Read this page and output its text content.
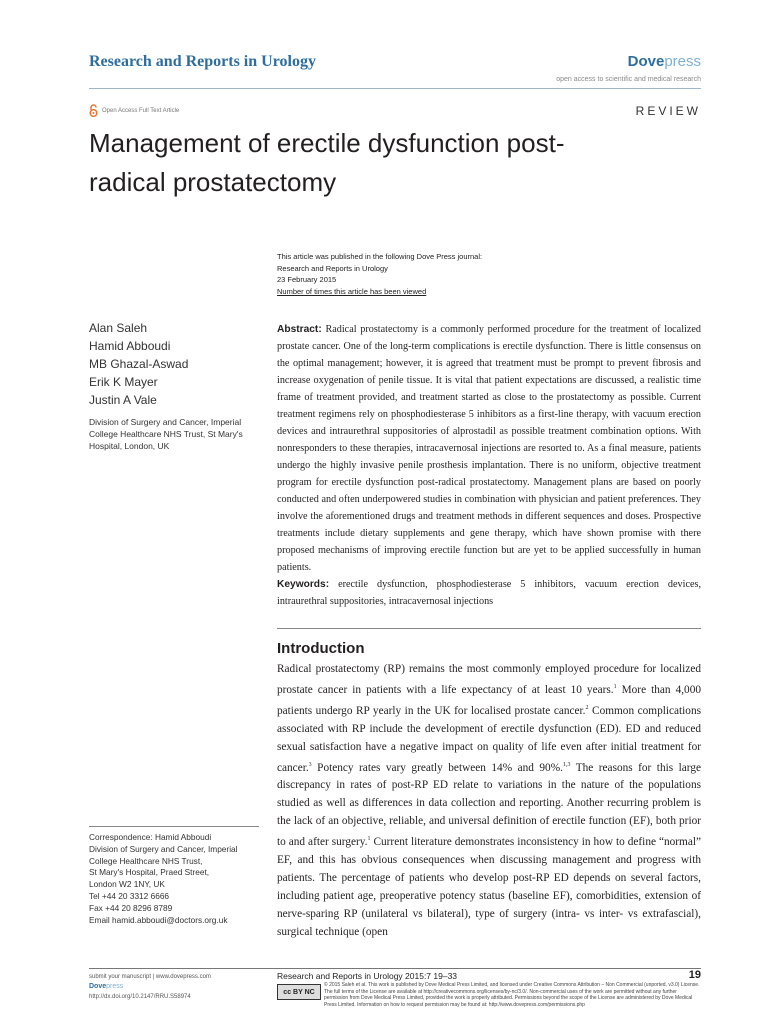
Research and Reports in Urology	Dovepress
open access to scientific and medical research
Open Access Full Text Article	REVIEW
Management of erectile dysfunction post-radical prostatectomy
This article was published in the following Dove Press journal:
Research and Reports in Urology
23 February 2015
Number of times this article has been viewed
Alan Saleh
Hamid Abboudi
MB Ghazal-Aswad
Erik K Mayer
Justin A Vale
Division of Surgery and Cancer, Imperial College Healthcare NHS Trust, St Mary's Hospital, London, UK
Abstract: Radical prostatectomy is a commonly performed procedure for the treatment of localized prostate cancer. One of the long-term complications is erectile dysfunction. There is little consensus on the optimal management; however, it is agreed that treatment must be prompt to prevent fibrosis and increase oxygenation of penile tissue. It is vital that patient expectations are discussed, a realistic time frame of treatment provided, and treatment started as close to the prostatectomy as possible. Current treatment regimens rely on phosphodiesterase 5 inhibitors as a first-line therapy, with vacuum erection devices and intraurethral suppositories of alprostadil as possible treatment combination options. With nonresponders to these therapies, intracavernosal injections are resorted to. As a final measure, patients undergo the highly invasive penile prosthesis implantation. There is no uniform, objective treatment program for erectile dysfunction post-radical prostatectomy. Management plans are based on poorly conducted and often underpowered studies in combination with physician and patient preferences. They involve the aforementioned drugs and treatment methods in different sequences and doses. Prospective treatments include dietary supplements and gene therapy, which have shown promise with there proposed mechanisms of improving erectile function but are yet to be applied successfully in human patients.
Keywords: erectile dysfunction, phosphodiesterase 5 inhibitors, vacuum erection devices, intraurethral suppositories, intracavernosal injections
Introduction
Radical prostatectomy (RP) remains the most commonly employed procedure for localized prostate cancer in patients with a life expectancy of at least 10 years.$^1$ More than 4,000 patients undergo RP yearly in the UK for localised prostate cancer.$^2$ Common complications associated with RP include the development of erectile dysfunction (ED). ED and reduced sexual satisfaction have a negative impact on quality of life even after initial treatment for cancer.$^3$ Potency rates vary greatly between 14% and 90%.$^{1,3}$ The reasons for this large discrepancy in rates of post-RP ED relate to variations in the nature of the populations studied as well as differences in data collection and reporting. Another recurring problem is the lack of an objective, reliable, and universal definition of erectile function (EF), both prior to and after surgery.$^1$ Current literature demonstrates inconsistency in how to define “normal” EF, and this has obvious consequences when discussing management and progress with patients. The percentage of patients who develop post-RP ED depends on several factors, including patient age, preoperative potency status (baseline EF), comorbidities, extension of nerve-sparing RP (unilateral vs bilateral), type of surgery (intra- vs inter- vs extrafascial), surgical technique (open
Correspondence: Hamid Abboudi
Division of Surgery and Cancer, Imperial
College Healthcare NHS Trust,
St Mary's Hospital, Praed Street,
London W2 1NY, UK
Tel +44 20 3312 6666
Fax +44 20 8296 8789
Email hamid.abboudi@doctors.org.uk
submit your manuscript | www.dovepress.com
Dovepress
http://dx.doi.org/10.2147/RRU.S58974
Research and Reports in Urology 2015:7 19–33	19
cc BY NC
© 2015 Saleh et al. This work is published by Dove Medical Press Limited, and licensed under Creative Commons Attribution – Non Commercial (unported, v3.0) License. The full terms of the License are available at http://creativecommons.org/licenses/by-nc/3.0/. Non-commercial uses of the work are permitted without any further permission from Dove Medical Press Limited, provided the work is properly attributed. Permissions beyond the scope of the License are administered by Dove Medical Press Limited. Information on how to request permission may be found at: http://www.dovepress.com/permissions.php
